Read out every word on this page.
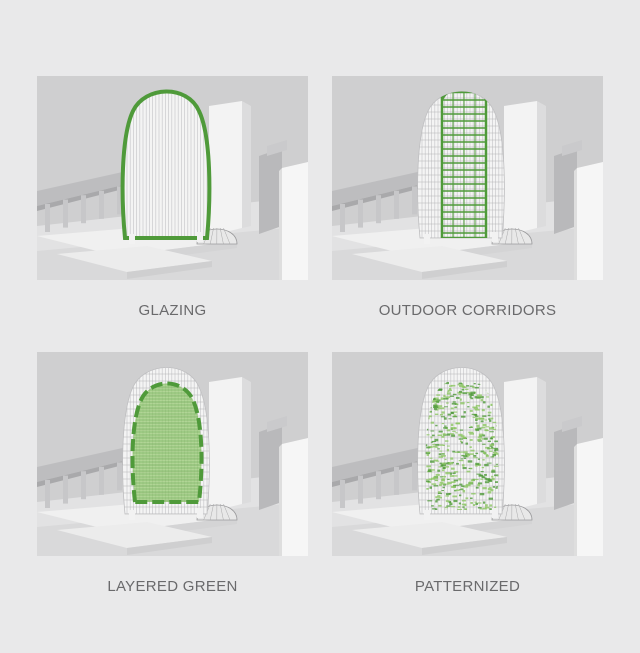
GLAZING	OUTDOOR CORRIDORS
LAYERED GREEN	PATTERNIZED
